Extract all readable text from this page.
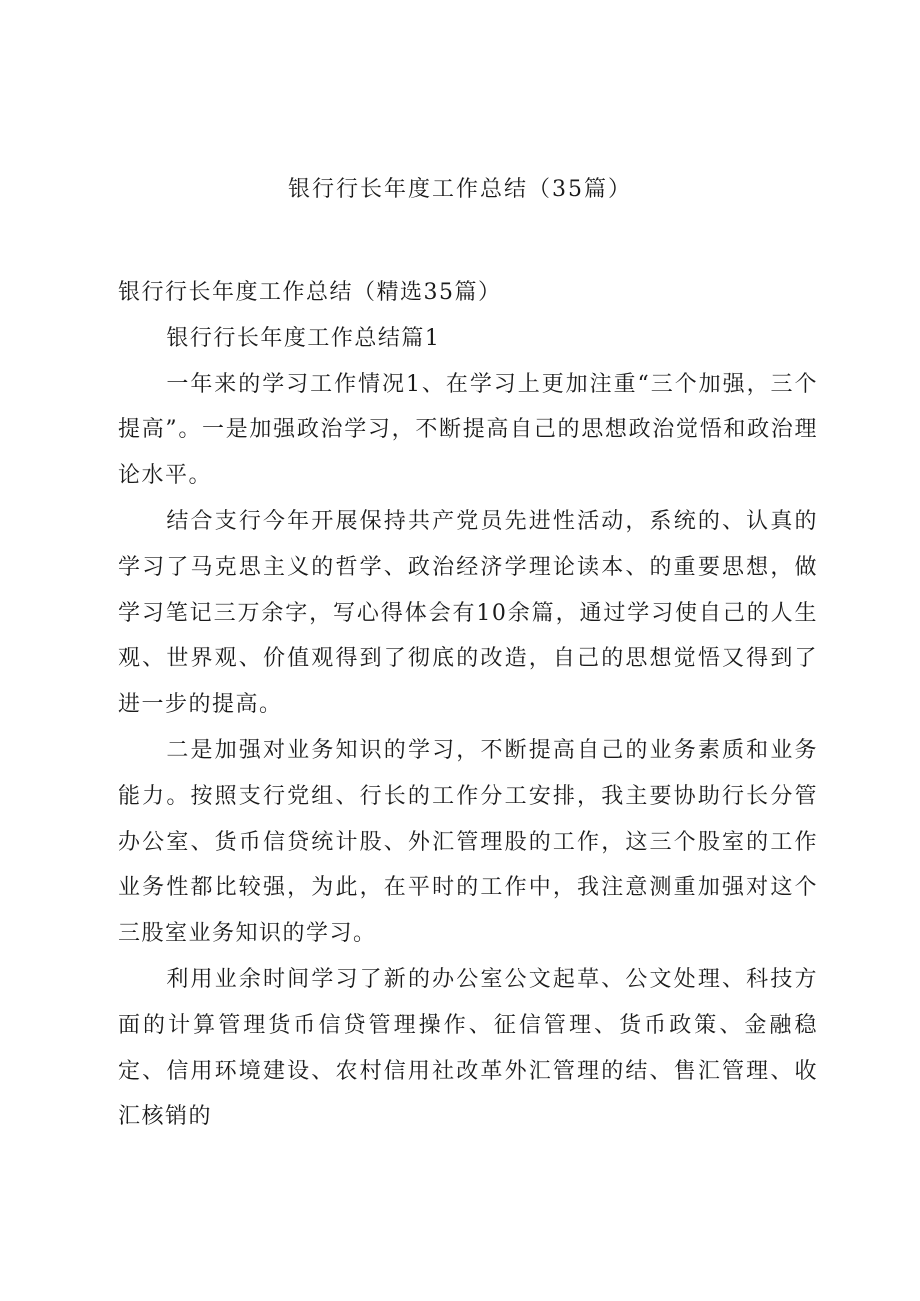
银行行长年度工作总结（35篇）

银行行长年度工作总结（精选35篇）

银行行长年度工作总结篇1

一年来的学习工作情况1、在学习上更加注重“三个加强，三个提高”。一是加强政治学习，不断提高自己的思想政治觉悟和政治理论水平。

结合支行今年开展保持共产党员先进性活动，系统的、认真的学习了马克思主义的哲学、政治经济学理论读本、的重要思想，做学习笔记三万余字，写心得体会有10余篇，通过学习使自己的人生观、世界观、价值观得到了彻底的改造，自己的思想觉悟又得到了进一步的提高。

二是加强对业务知识的学习，不断提高自己的业务素质和业务能力。按照支行党组、行长的工作分工安排，我主要协助行长分管办公室、货币信贷统计股、外汇管理股的工作，这三个股室的工作业务性都比较强，为此，在平时的工作中，我注意测重加强对这个三股室业务知识的学习。

利用业余时间学习了新的办公室公文起草、公文处理、科技方面的计算管理货币信贷管理操作、征信管理、货币政策、金融稳定、信用环境建设、农村信用社改革外汇管理的结、售汇管理、收汇核销的
